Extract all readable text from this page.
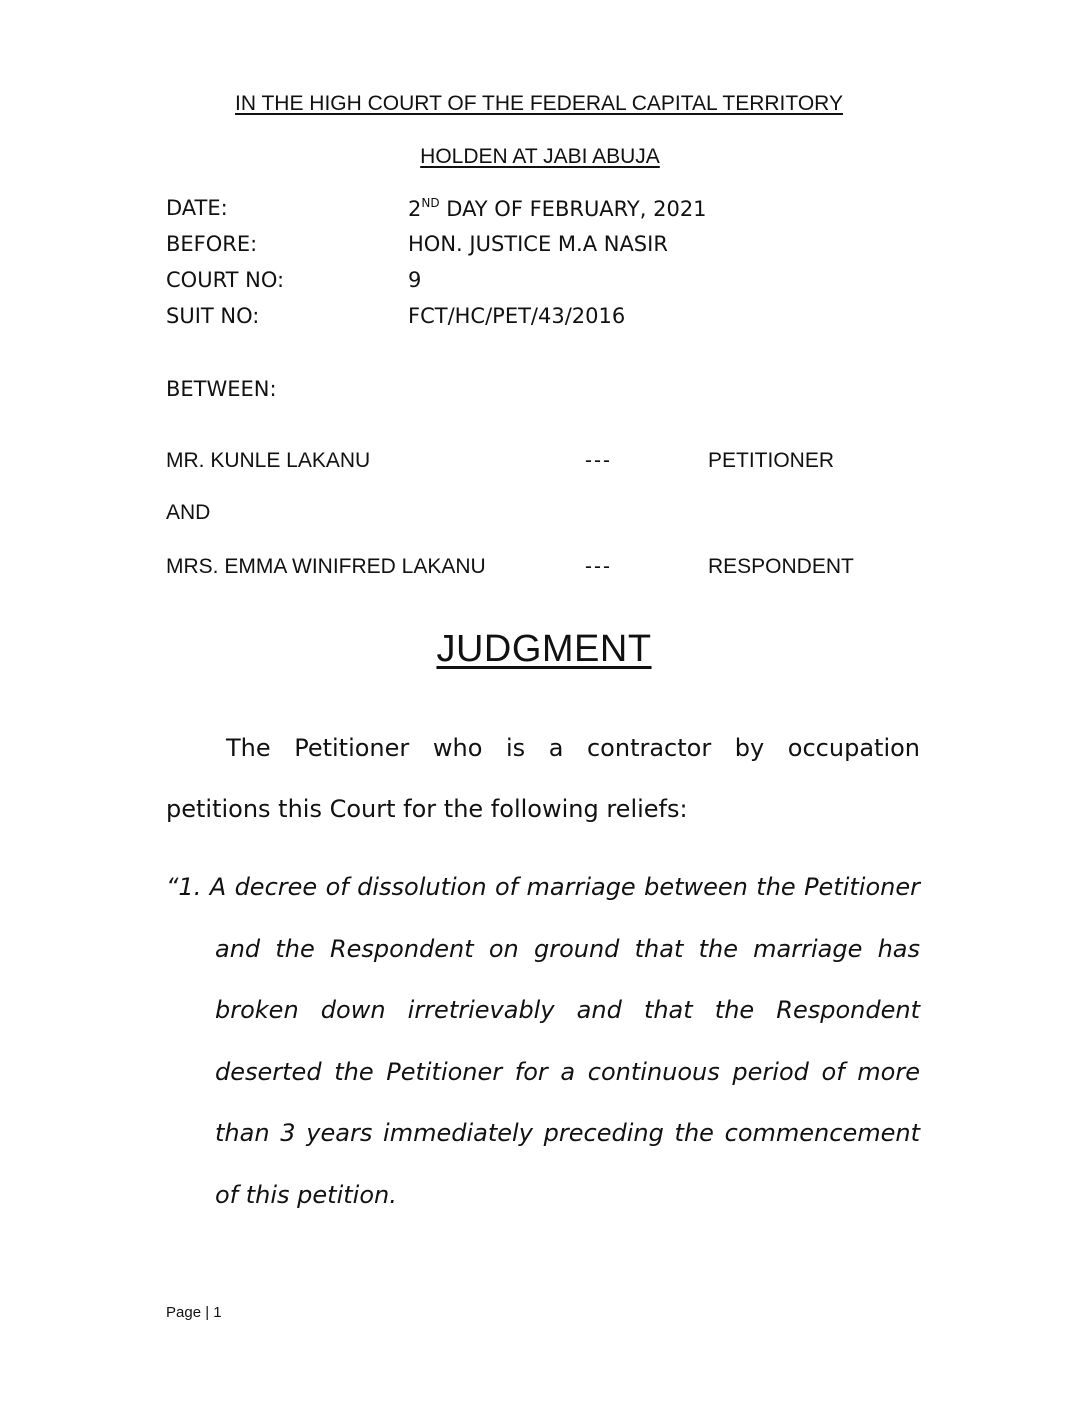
IN THE HIGH COURT OF THE FEDERAL CAPITAL TERRITORY
HOLDEN AT JABI ABUJA
DATE:	2ND DAY OF FEBRUARY, 2021
BEFORE:	HON. JUSTICE M.A NASIR
COURT NO:	9
SUIT NO:	FCT/HC/PET/43/2016
BETWEEN:
MR. KUNLE LAKANU	---	PETITIONER
AND
MRS. EMMA WINIFRED LAKANU	---	RESPONDENT
JUDGMENT

The Petitioner who is a contractor by occupation petitions this Court for the following reliefs:

“1. A decree of dissolution of marriage between the Petitioner and the Respondent on ground that the marriage has broken down irretrievably and that the Respondent deserted the Petitioner for a continuous period of more than 3 years immediately preceding the commencement of this petition.

Page | 1
